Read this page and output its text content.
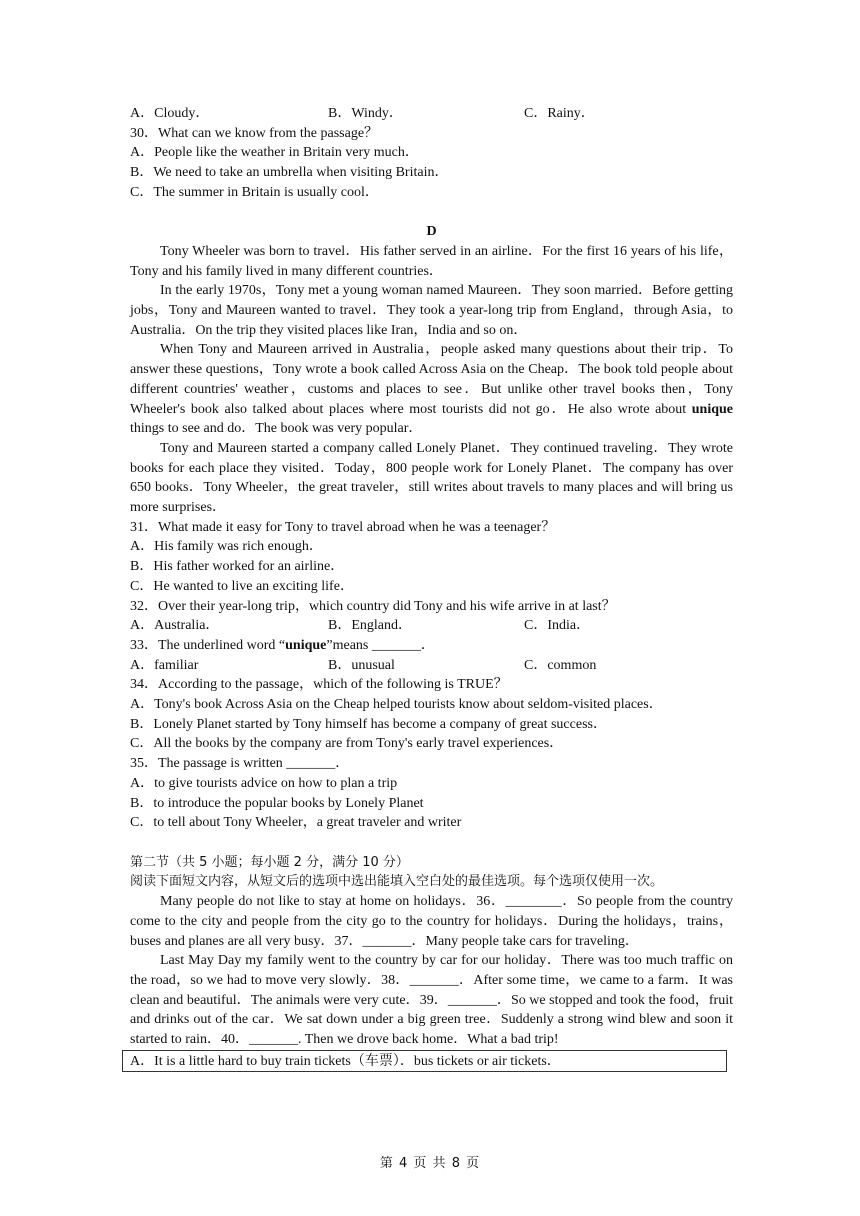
A．Cloudy．	B．Windy．	C．Rainy．
30．What can we know from the passage？
A．People like the weather in Britain very much．
B．We need to take an umbrella when visiting Britain．
C．The summer in Britain is usually cool．
D
Tony Wheeler was born to travel．His father served in an airline．For the first 16 years of his life，Tony and his family lived in many different countries．
In the early 1970s，Tony met a young woman named Maureen．They soon married．Before getting jobs，Tony and Maureen wanted to travel．They took a year-long trip from England，through Asia，to Australia．On the trip they visited places like Iran，India and so on．
When Tony and Maureen arrived in Australia，people asked many questions about their trip．To answer these questions，Tony wrote a book called Across Asia on the Cheap．The book told people about different countries' weather，customs and places to see．But unlike other travel books then，Tony Wheeler's book also talked about places where most tourists did not go．He also wrote about unique things to see and do．The book was very popular．
Tony and Maureen started a company called Lonely Planet．They continued traveling．They wrote books for each place they visited．Today，800 people work for Lonely Planet．The company has over 650 books．Tony Wheeler，the great traveler，still writes about travels to many places and will bring us more surprises．
31．What made it easy for Tony to travel abroad when he was a teenager？
A．His family was rich enough．
B．His father worked for an airline．
C．He wanted to live an exciting life．
32．Over their year-long trip，which country did Tony and his wife arrive in at last？
A．Australia．	B．England．	C．India．
33．The underlined word “unique”means _______．
A．familiar	B．unusual	C．common
34．According to the passage，which of the following is TRUE？
A．Tony's book Across Asia on the Cheap helped tourists know about seldom-visited places．
B．Lonely Planet started by Tony himself has become a company of great success．
C．All the books by the company are from Tony's early travel experiences．
35．The passage is written _______．
A．to give tourists advice on how to plan a trip
B．to introduce the popular books by Lonely Planet
C．to tell about Tony Wheeler，a great traveler and writer
第二节（共 5 小题；每小题 2 分，满分 10 分）
阅读下面短文内容，从短文后的选项中选出能填入空白处的最佳选项。每个选项仅使用一次。
Many people do not like to stay at home on holidays．36．________．So people from the country come to the city and people from the city go to the country for holidays．During the holidays，trains，buses and planes are all very busy．37．_______．Many people take cars for traveling．
Last May Day my family went to the country by car for our holiday．There was too much traffic on the road，so we had to move very slowly．38．_______．After some time，we came to a farm．It was clean and beautiful．The animals were very cute．39．_______．So we stopped and took the food，fruit and drinks out of the car．We sat down under a big green tree．Suddenly a strong wind blew and soon it started to rain．40．_______. Then we drove back home．What a bad trip!
A．It is a little hard to buy train tickets（车票）．bus tickets or air tickets．
第 4 页 共 8 页
